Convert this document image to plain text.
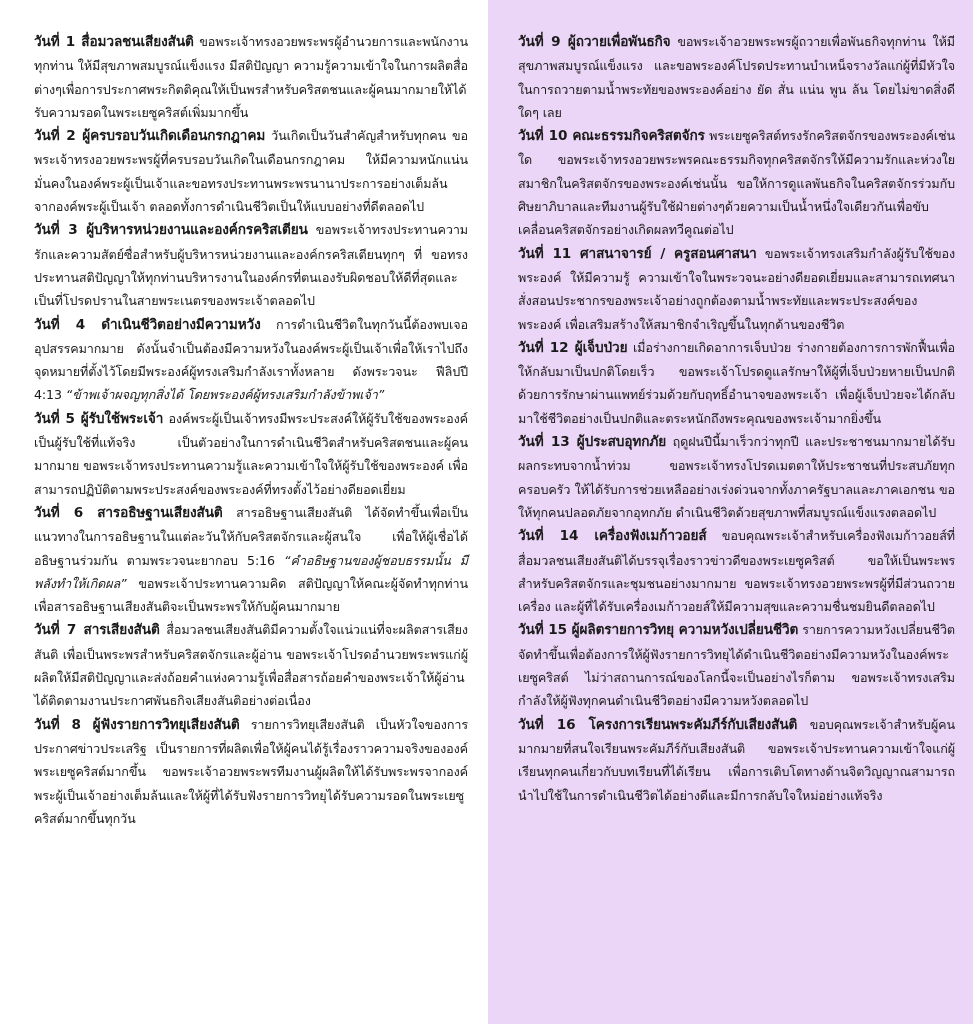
วันที่ 1 สื่อมวลชนเสียงสันติ ขอพระเจ้าทรงอวยพระพรผู้อำนวยการและพนักงานทุกท่าน ให้มีสุขภาพสมบูรณ์แข็งแรง มีสติปัญญา ความรู้ความเข้าใจในการผลิตสื่อต่างๆเพื่อการประกาศพระกิตติคุณให้เป็นพรสำหรับคริสตชนและผู้คนมากมายให้ได้รับความรอดในพระเยซูคริสต์เพิ่มมากขึ้น

วันที่ 2 ผู้ครบรอบวันเกิดเดือนกรกฎาคม วันเกิดเป็นวันสำคัญสำหรับทุกคน ขอพระเจ้าทรงอวยพระพรผู้ที่ครบรอบวันเกิดในเดือนกรกฎาคม ให้มีความหนักแน่น มั่นคงในองค์พระผู้เป็นเจ้าและขอทรงประทานพระพรนานาประการอย่างเต็มล้นจากองค์พระผู้เป็นเจ้า ตลอดทั้งการดำเนินชีวิตเป็นให้แบบอย่างที่ดีตลอดไป

วันที่ 3 ผู้บริหารหน่วยงานและองค์กรคริสเตียน ขอพระเจ้าทรงประทานความรักและความสัตย์ซื่อสำหรับผู้บริหารหน่วยงานและองค์กรคริสเตียนทุกๆ ที่ ขอทรงประทานสติปัญญาให้ทุกท่านบริหารงานในองค์กรที่ตนเองรับผิดชอบให้ดีที่สุดและเป็นที่โปรดปรานในสายพระเนตรของพระเจ้าตลอดไป

วันที่ 4 ดำเนินชีวิตอย่างมีความหวัง การดำเนินชีวิตในทุกวันนี้ต้องพบเจออุปสรรคมากมาย ดังนั้นจำเป็นต้องมีความหวังในองค์พระผู้เป็นเจ้าเพื่อให้เราไปถึงจุดหมายที่ตั้งไว้โดยมีพระองค์ผู้ทรงเสริมกำลังเราทั้งหลาย ดังพระวจนะ ฟีลิปปี 4:13 “ข้าพเจ้าผจญทุกสิ่งได้ โดยพระองค์ผู้ทรงเสริมกำลังข้าพเจ้า”

วันที่ 5 ผู้รับใช้พระเจ้า องค์พระผู้เป็นเจ้าทรงมีพระประสงค์ให้ผู้รับใช้ของพระองค์เป็นผู้รับใช้ที่แท้จริง เป็นตัวอย่างในการดำเนินชีวิตสำหรับคริสตชนและผู้คนมากมาย ขอพระเจ้าทรงประทานความรู้และความเข้าใจให้ผู้รับใช้ของพระองค์ เพื่อสามารถปฏิบัติตามพระประสงค์ของพระองค์ที่ทรงตั้งไว้อย่างดียอดเยี่ยม

วันที่ 6 สารอธิษฐานเสียงสันติ สารอธิษฐานเสียงสันติ ได้จัดทำขึ้นเพื่อเป็นแนวทางในการอธิษฐานในแต่ละวันให้กับคริสตจักรและผู้สนใจ เพื่อให้ผู้เชื่อได้อธิษฐานร่วมกัน ตามพระวจนะยากอบ 5:16 “คำอธิษฐานของผู้ชอบธรรมนั้น มีพลังทำให้เกิดผล” ขอพระเจ้าประทานความคิด สติปัญญาให้คณะผู้จัดทำทุกท่าน เพื่อสารอธิษฐานเสียงสันติจะเป็นพระพรให้กับผู้คนมากมาย

วันที่ 7 สารเสียงสันติ สื่อมวลชนเสียงสันติมีความตั้งใจแน่วแน่ที่จะผลิตสารเสียงสันติ เพื่อเป็นพระพรสำหรับคริสตจักรและผู้อ่าน ขอพระเจ้าโปรดอำนวยพระพรแก่ผู้ผลิตให้มีสติปัญญาและส่งถ้อยคำแห่งความรู้เพื่อสื่อสารถ้อยคำของพระเจ้าให้ผู้อ่านได้ติดตามงานประกาศพันธกิจเสียงสันติอย่างต่อเนื่อง

วันที่ 8 ผู้ฟังรายการวิทยุเสียงสันติ รายการวิทยุเสียงสันติ เป็นหัวใจของการประกาศข่าวประเสริฐ เป็นรายการที่ผลิตเพื่อให้ผู้คนได้รู้เรื่องราวความจริงขององค์พระเยซูคริสต์มากขึ้น ขอพระเจ้าอวยพระพรทีมงานผู้ผลิตให้ได้รับพระพรจากองค์พระผู้เป็นเจ้าอย่างเต็มล้นและให้ผู้ที่ได้รับฟังรายการวิทยุได้รับความรอดในพระเยซูคริสต์มากขึ้นทุกวัน

วันที่ 9 ผู้ถวายเพื่อพันธกิจ ขอพระเจ้าอวยพระพรผู้ถวายเพื่อพันธกิจทุกท่าน ให้มีสุขภาพสมบูรณ์แข็งแรง และขอพระองค์โปรดประทานบำเหน็จรางวัลแก่ผู้ที่มีหัวใจในการถวายตามน้ำพระทัยของพระองค์อย่าง ยัด สั่น แน่น พูน ล้น โดยไม่ขาดสิ่งดีใดๆ เลย

วันที่ 10 คณะธรรมกิจคริสตจักร พระเยซูคริสต์ทรงรักคริสตจักรของพระองค์เช่นใด ขอพระเจ้าทรงอวยพระพรคณะธรรมกิจทุกคริสตจักรให้มีความรักและห่วงใยสมาชิกในคริสตจักรของพระองค์เช่นนั้น ขอให้การดูแลพันธกิจในคริสตจักรร่วมกับศิษยาภิบาลและทีมงานผู้รับใช้ฝ่ายต่างๆด้วยความเป็นน้ำหนึ่งใจเดียวกันเพื่อขับเคลื่อนคริสตจักรอย่างเกิดผลทวีคูณต่อไป

วันที่ 11 ศาสนาจารย์ / ครูสอนศาสนา ขอพระเจ้าทรงเสริมกำลังผู้รับใช้ของพระองค์ ให้มีความรู้ ความเข้าใจในพระวจนะอย่างดียอดเยี่ยมและสามารถเทศนาสั่งสอนประชากรของพระเจ้าอย่างถูกต้องตามน้ำพระทัยและพระประสงค์ของพระองค์ เพื่อเสริมสร้างให้สมาชิกจำเริญขึ้นในทุกด้านของชีวิต

วันที่ 12 ผู้เจ็บป่วย เมื่อร่างกายเกิดอาการเจ็บป่วย ร่างกายต้องการการพักฟื้นเพื่อให้กลับมาเป็นปกติโดยเร็ว ขอพระเจ้าโปรดดูแลรักษาให้ผู้ที่เจ็บป่วยหายเป็นปกติ ด้วยการรักษาผ่านแพทย์ร่วมด้วยกับฤทธิ์อำนาจของพระเจ้า เพื่อผู้เจ็บป่วยจะได้กลับมาใช้ชีวิตอย่างเป็นปกติและตระหนักถึงพระคุณของพระเจ้ามากยิ่งขึ้น

วันที่ 13 ผู้ประสบอุทกภัย ฤดูฝนปีนี้มาเร็วกว่าทุกปี และประชาชนมากมายได้รับผลกระทบจากน้ำท่วม ขอพระเจ้าทรงโปรดเมตตาให้ประชาชนที่ประสบภัยทุกครอบครัว ให้ได้รับการช่วยเหลืออย่างเร่งด่วนจากทั้งภาครัฐบาลและภาคเอกชน ขอให้ทุกคนปลอดภัยจากอุทกภัย ดำเนินชีวิตด้วยสุขภาพที่สมบูรณ์แข็งแรงตลอดไป

วันที่ 14 เครื่องฟังเมก้าวอยส์ ขอบคุณพระเจ้าสำหรับเครื่องฟังเมก้าวอยส์ที่สื่อมวลชนเสียงสันติได้บรรจุเรื่องราวข่าวดีของพระเยซูคริสต์ ขอให้เป็นพระพรสำหรับคริสตจักรและชุมชนอย่างมากมาย ขอพระเจ้าทรงอวยพระพรผู้ที่มีส่วนถวายเครื่อง และผู้ที่ได้รับเครื่องเมก้าวอยส์ให้มีความสุขและความชื่นชมยินดีตลอดไป

วันที่ 15 ผู้ผลิตรายการวิทยุ ความหวังเปลี่ยนชีวิต รายการความหวังเปลี่ยนชีวิต จัดทำขึ้นเพื่อต้องการให้ผู้ฟังรายการวิทยุได้ดำเนินชีวิตอย่างมีความหวังในองค์พระเยซูคริสต์ ไม่ว่าสถานการณ์ของโลกนี้จะเป็นอย่างไรก็ตาม ขอพระเจ้าทรงเสริมกำลังให้ผู้ฟังทุกคนดำเนินชีวิตอย่างมีความหวังตลอดไป

วันที่ 16 โครงการเรียนพระคัมภีร์กับเสียงสันติ ขอบคุณพระเจ้าสำหรับผู้คนมากมายที่สนใจเรียนพระคัมภีร์กับเสียงสันติ ขอพระเจ้าประทานความเข้าใจแก่ผู้เรียนทุกคนเกี่ยวกับบทเรียนที่ได้เรียน เพื่อการเติบโตทางด้านจิตวิญญาณสามารถนำไปใช้ในการดำเนินชีวิตได้อย่างดีและมีการกลับใจใหม่อย่างแท้จริง
